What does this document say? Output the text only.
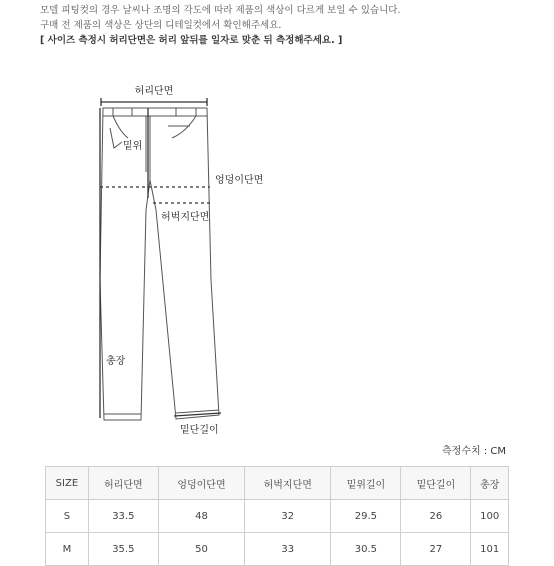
모델 피팅컷의 경우 날씨나 조명의 각도에 따라 제품의 색상이 다르게 보일 수 있습니다.
구매 전 제품의 색상은 상단의 디테일컷에서 확인해주세요.
[ 사이즈 측정시 허리단면은 허리 앞뒤를 일자로 맞춘 뒤 측정해주세요. ]
허리단면
밑위
엉덩이단면
허벅지단면
총장
밑단길이
측정수치 : CM
SIZE	허리단면	엉덩이단면	허벅지단면	밑위길이	밑단길이	총장
S	33.5	48	32	29.5	26	100
M	35.5	50	33	30.5	27	101
